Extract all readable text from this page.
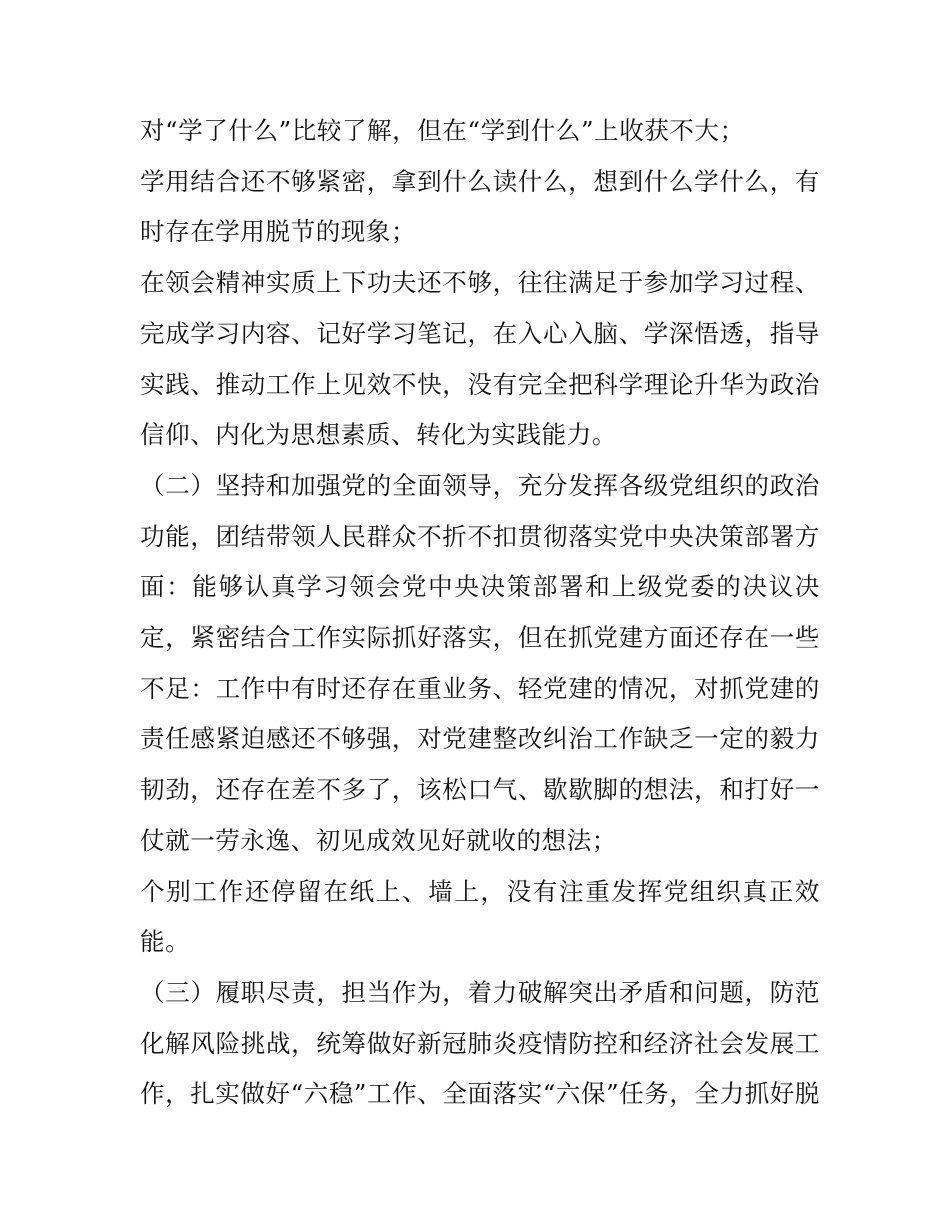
对“学了什么”比较了解，但在“学到什么”上收获不大；

学用结合还不够紧密，拿到什么读什么，想到什么学什么，有时存在学用脱节的现象；

在领会精神实质上下功夫还不够，往往满足于参加学习过程、完成学习内容、记好学习笔记，在入心入脑、学深悟透，指导实践、推动工作上见效不快，没有完全把科学理论升华为政治信仰、内化为思想素质、转化为实践能力。

（二）坚持和加强党的全面领导，充分发挥各级党组织的政治功能，团结带领人民群众不折不扣贯彻落实党中央决策部署方面：能够认真学习领会党中央决策部署和上级党委的决议决定，紧密结合工作实际抓好落实，但在抓党建方面还存在一些不足：工作中有时还存在重业务、轻党建的情况，对抓党建的责任感紧迫感还不够强，对党建整改纠治工作缺乏一定的毅力韧劲，还存在差不多了，该松口气、歇歇脚的想法，和打好一仗就一劳永逸、初见成效见好就收的想法；

个别工作还停留在纸上、墙上，没有注重发挥党组织真正效能。

（三）履职尽责，担当作为，着力破解突出矛盾和问题，防范化解风险挑战，统筹做好新冠肺炎疫情防控和经济社会发展工作，扎实做好“六稳”工作、全面落实“六保”任务，全力抓好脱
